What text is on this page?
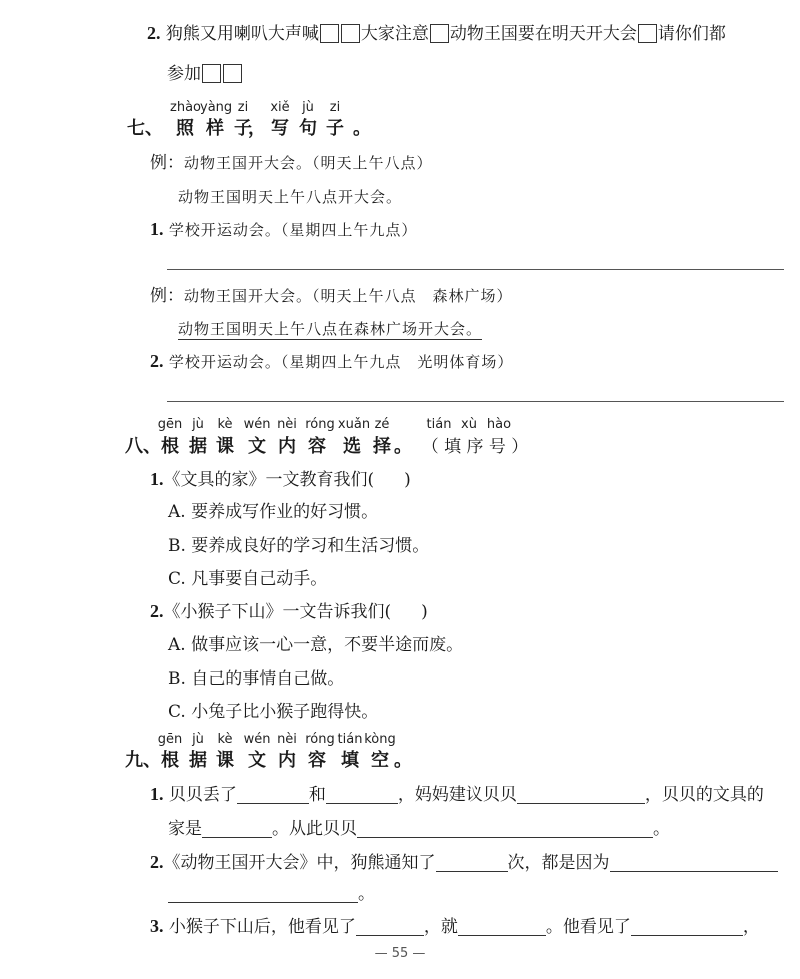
2. 狗熊又用喇叭大声喊 大家注意 动物王国要在明天开大会 请你们都
参加
zhào yàng zi	xiě jù	zi
七、 照 样 子
， 写 句 子 。
例：动物王国开大会。（明天上午八点）
动物王国明天上午八点开大会。
1. 学校开运动会。（星期四上午九点）
例：动物王国开大会。（明天上午八点　森林广场）
动物王国明天上午八点在森林广场开大会。
2. 学校开运动会。（星期四上午九点　光明体育场）
gēn jù	kè wén nèi róng xuǎn zé	tián xù hào
八、 根 据 课 文 内 容 选 择 。 （ 填 序 号 ）
1.《文具的家》一文教育我们( )
A. 要养成写作业的好习惯。
B. 要养成良好的学习和生活习惯。
C. 凡事要自己动手。
2.《小猴子下山》一文告诉我们( )
A. 做事应该一心一意，不要半途而废。
B. 自己的事情自己做。
C. 小兔子比小猴子跑得快。
gēn jù	kè wén nèi róng tián kòng
九、 根 据 课 文 内 容 填 空 。
1. 贝贝丢了	和	，妈妈建议贝贝	，贝贝的文具的
家是	。从此贝贝	。
2.《动物王国开大会》中，狗熊通知了	次，都是因为
。
3. 小猴子下山后，他看见了	，就	。他看见了	，
— 55 —
